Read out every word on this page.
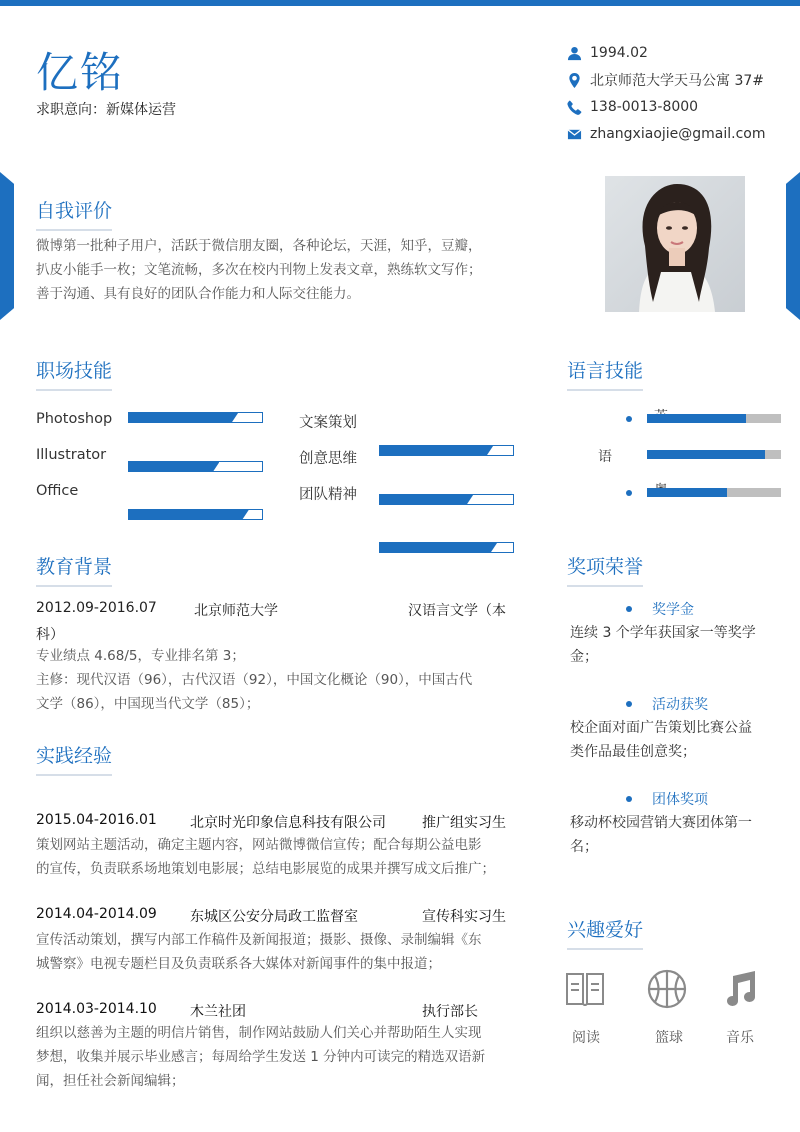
亿铭
求职意向：新媒体运营
1994.02
北京师范大学天马公寓 37#
138-0013-8000
zhangxiaojie@gmail.com
自我评价
微博第一批种子用户，活跃于微信朋友圈，各种论坛，天涯，知乎，豆瓣，
扒皮小能手一枚；文笔流畅，多次在校内刊物上发表文章，熟练软文写作；
善于沟通、具有良好的团队合作能力和人际交往能力。
职场技能
Photoshop
Illustrator
Office
文案策划
创意思维
团队精神
语言技能
语
教育背景
2012.09-2016.07	北京师范大学	汉语言文学（本
科）
专业绩点 4.68/5，专业排名第 3；
主修：现代汉语（96），古代汉语（92），中国文化概论（90），中国古代
文学（86），中国现当代文学（85）；
实践经验
2015.04-2016.01 北京时光印象信息科技有限公司	推广组实习生
策划网站主题活动，确定主题内容，网站微博微信宣传；配合每期公益电影
的宣传，负责联系场地策划电影展；总结电影展览的成果并撰写成文后推广；
2014.04-2014.09 东城区公安分局政工监督室	宣传科实习生
宣传活动策划，撰写内部工作稿件及新闻报道；摄影、摄像、录制编辑《东
城警察》电视专题栏目及负责联系各大媒体对新闻事件的集中报道；
2014.03-2014.10 木兰社团	执行部长
组织以慈善为主题的明信片销售，制作网站鼓励人们关心并帮助陌生人实现
梦想，收集并展示毕业感言；每周给学生发送 1 分钟内可读完的精选双语新
闻，担任社会新闻编辑；
奖项荣誉
奖学金
连续 3 个学年获国家一等奖学
金；
活动获奖
校企面对面广告策划比赛公益
类作品最佳创意奖；
团体奖项
移动杯校园营销大赛团体第一
名；
兴趣爱好
阅读	篮球	音乐
